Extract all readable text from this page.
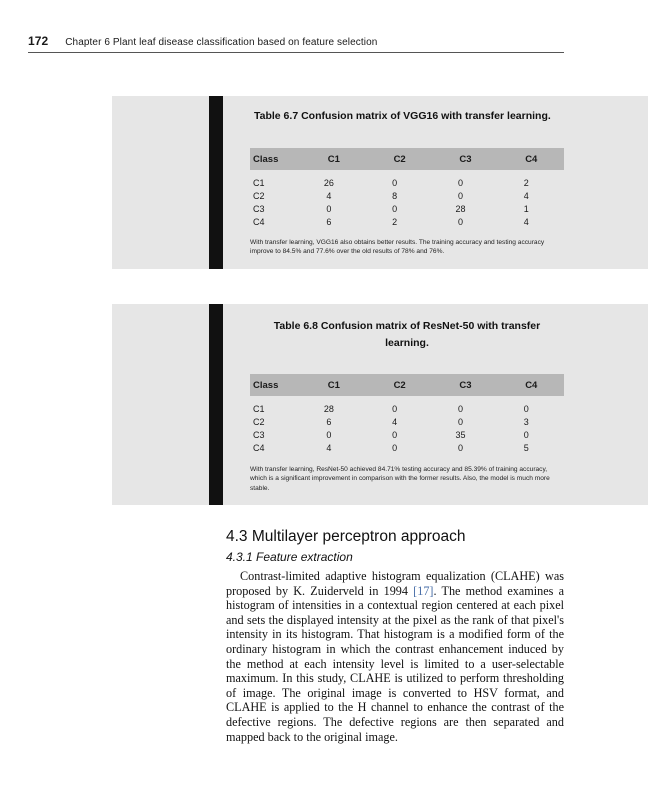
172 Chapter 6 Plant leaf disease classification based on feature selection
Table 6.7 Confusion matrix of VGG16 with transfer learning.
Class	C1	C2	C3	C4

C1	26	0	0	2
C2	4	8	0	4
C3	0	0	28	1
C4	6	2	0	4
With transfer learning, VGG16 also obtains better results. The training accuracy and testing accuracy improve to 84.5% and 77.6% over the old results of 78% and 76%.
Table 6.8 Confusion matrix of ResNet-50 with transfer learning.
Class	C1	C2	C3	C4

C1	28	0	0	0
C2	6	4	0	3
C3	0	0	35	0
C4	4	0	0	5
With transfer learning, ResNet-50 achieved 84.71% testing accuracy and 85.39% of training accuracy, which is a significant improvement in comparison with the former results. Also, the model is much more stable.
4.3 Multilayer perceptron approach
4.3.1 Feature extraction
Contrast-limited adaptive histogram equalization (CLAHE) was proposed by K. Zuiderveld in 1994 [17]. The method examines a histogram of intensities in a contextual region centered at each pixel and sets the displayed intensity at the pixel as the rank of that pixel's intensity in its histogram. That histogram is a modified form of the ordinary histogram in which the contrast enhancement induced by the method at each intensity level is limited to a user-selectable maximum. In this study, CLAHE is utilized to perform thresholding of image. The original image is converted to HSV format, and CLAHE is applied to the H channel to enhance the contrast of the defective regions. The defective regions are then separated and mapped back to the original image.
